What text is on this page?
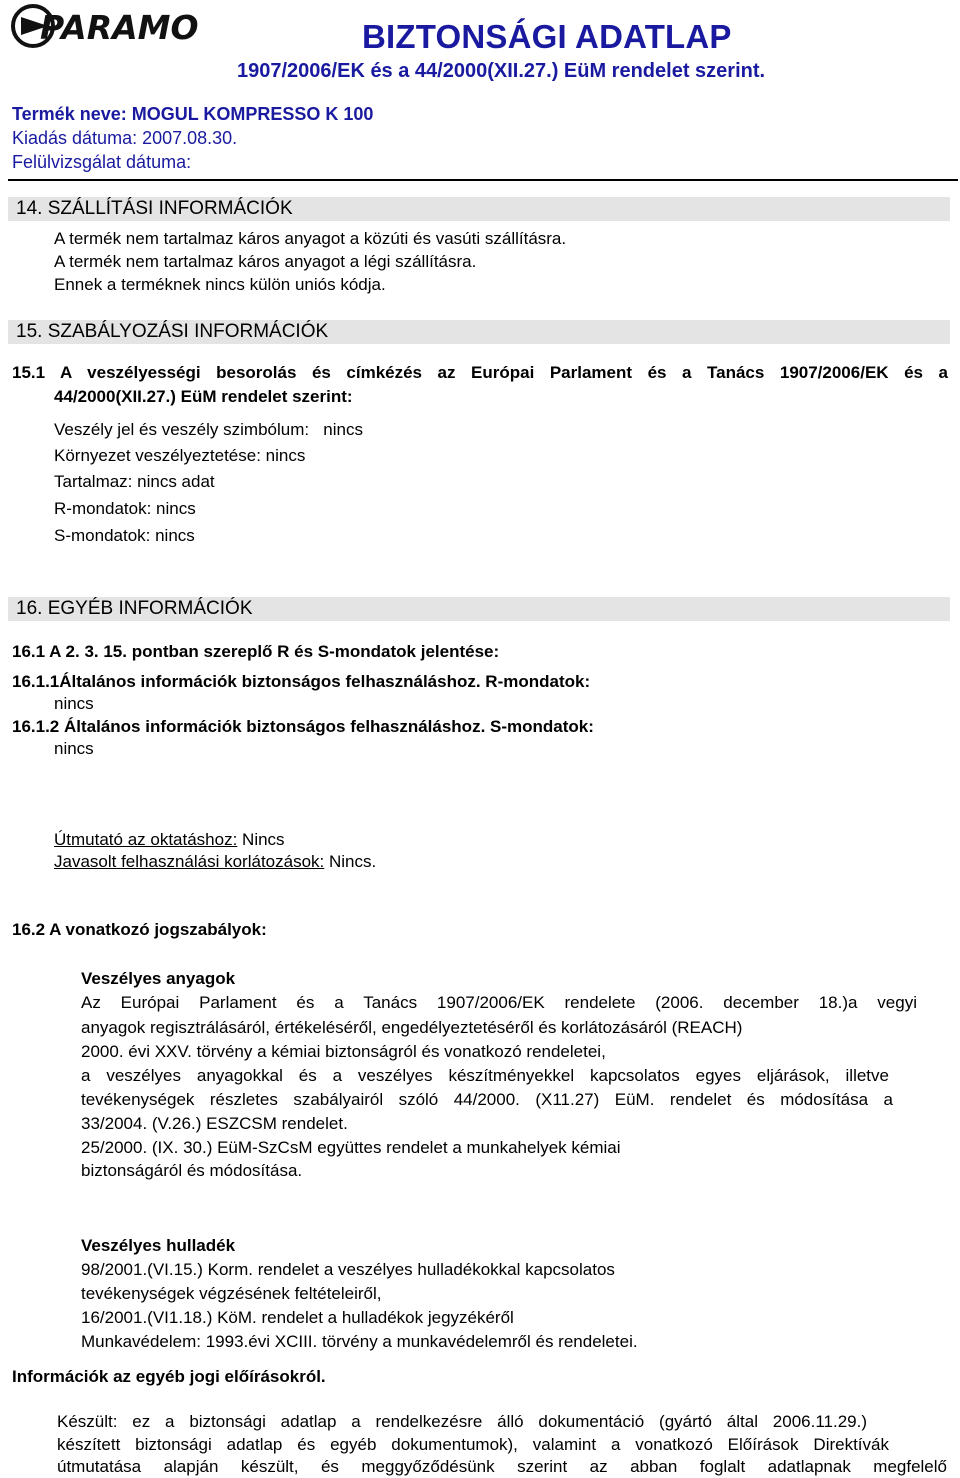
PARAMO	BIZTONSÁGI ADATLAP
1907/2006/EK és a 44/2000(XII.27.) EüM rendelet szerint.
Termék neve: MOGUL KOMPRESSO K 100
Kiadás dátuma: 2007.08.30.
Felülvizsgálat dátuma:
14. SZÁLLÍTÁSI INFORMÁCIÓK
A termék nem tartalmaz káros anyagot a közúti és vasúti szállításra.
A termék nem tartalmaz káros anyagot a légi szállításra.
Ennek a terméknek nincs külön uniós kódja.
15. SZABÁLYOZÁSI INFORMÁCIÓK
15.1 A veszélyességi besorolás és címkézés az Európai Parlament és a Tanács 1907/2006/EK és a
44/2000(XII.27.) EüM rendelet szerint:
Veszély jel és veszély szimbólum:   nincs
Környezet veszélyeztetése: nincs
Tartalmaz: nincs adat
R-mondatok: nincs
S-mondatok: nincs
16. EGYÉB INFORMÁCIÓK
16.1 A 2. 3. 15. pontban szereplő R és S-mondatok jelentése:
16.1.1Általános információk biztonságos felhasználáshoz. R-mondatok:
nincs
16.1.2 Általános információk biztonságos felhasználáshoz. S-mondatok:
nincs
Útmutató az oktatáshoz: Nincs
Javasolt felhasználási korlátozások: Nincs.
16.2 A vonatkozó jogszabályok:
Veszélyes anyagok
Az Európai Parlament és a Tanács 1907/2006/EK rendelete (2006. december 18.)a vegyi
anyagok regisztrálásáról, értékeléséről, engedélyeztetéséről és korlátozásáról (REACH)
2000. évi XXV. törvény a kémiai biztonságról és vonatkozó rendeletei,
a veszélyes anyagokkal és a veszélyes készítményekkel kapcsolatos egyes eljárások, illetve
tevékenységek részletes szabályairól szóló 44/2000. (X11.27) EüM. rendelet és módosítása a
33/2004. (V.26.) ESZCSM rendelet.
25/2000. (IX. 30.) EüM-SzCsM együttes rendelet a munkahelyek kémiai
biztonságáról és módosítása.
Veszélyes hulladék
98/2001.(VI.15.) Korm. rendelet a veszélyes hulladékokkal kapcsolatos
tevékenységek végzésének feltételeiről,
16/2001.(VI1.18.) KöM. rendelet a hulladékok jegyzékéről
Munkavédelem: 1993.évi XCIII. törvény a munkavédelemről és rendeletei.
Információk az egyéb jogi előírásokról.
Készült: ez a biztonsági adatlap a rendelkezésre álló dokumentáció (gyártó által 2006.11.29.)
készített biztonsági adatlap és egyéb dokumentumok), valamint a vonatkozó Előírások Direktívák
útmutatása alapján készült, és meggyőződésünk szerint az abban foglalt adatlapnak megfelelő
